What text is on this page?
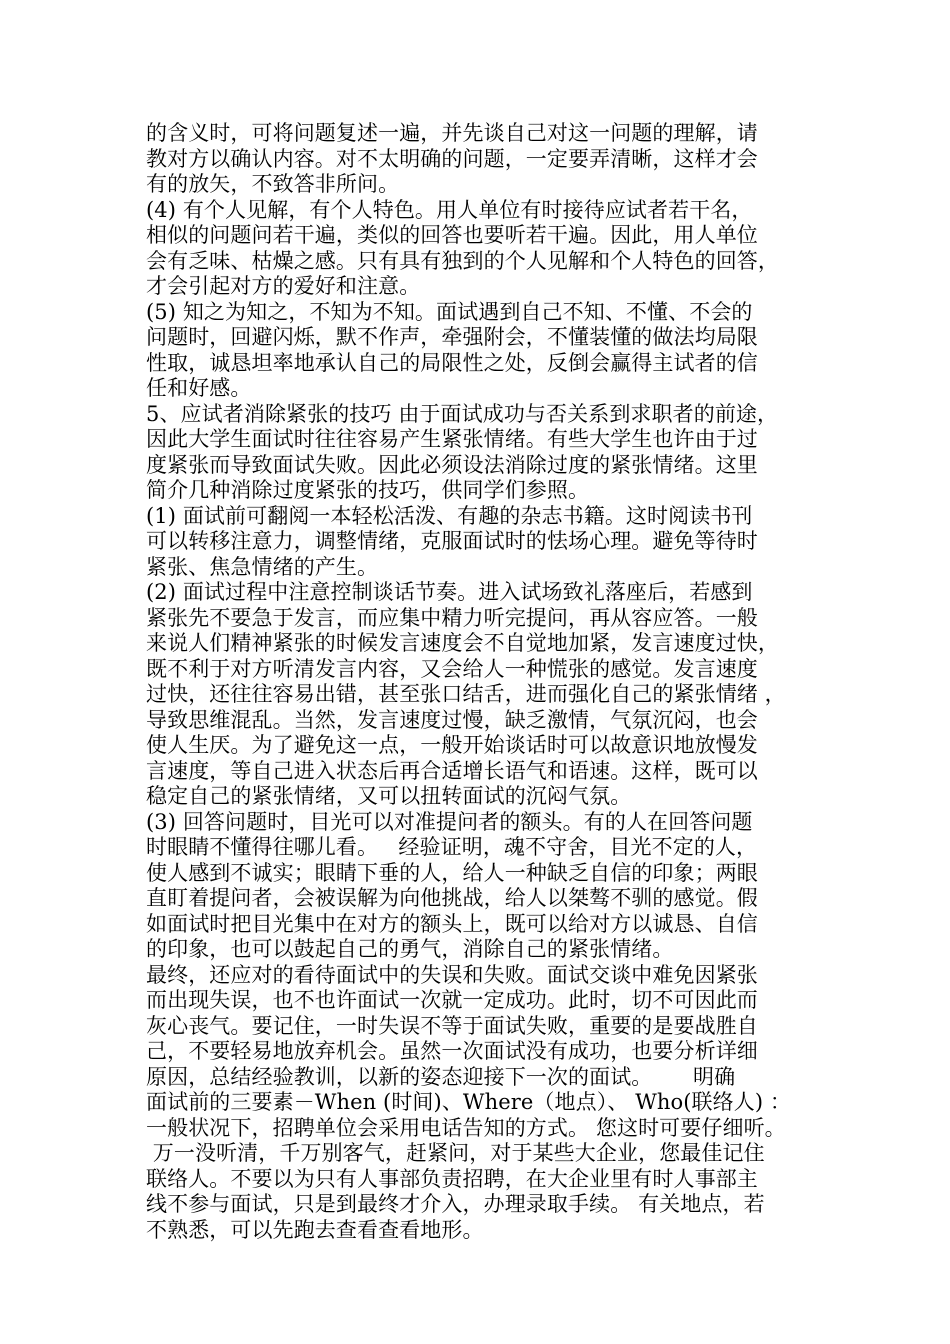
的含义时，可将问题复述一遍，并先谈自己对这一问题的理解，请
教对方以确认内容。对不太明确的问题，一定要弄清晰，这样才会
有的放矢，不致答非所问。
(4) 有个人见解，有个人特色。用人单位有时接待应试者若干名，
相似的问题问若干遍，类似的回答也要听若干遍。因此，用人单位
会有乏味、枯燥之感。只有具有独到的个人见解和个人特色的回答，
才会引起对方的爱好和注意。
(5) 知之为知之，不知为不知。面试遇到自己不知、不懂、不会的
问题时，回避闪烁，默不作声，牵强附会，不懂装懂的做法均局限
性取，诚恳坦率地承认自己的局限性之处，反倒会赢得主试者的信
任和好感。
5、应试者消除紧张的技巧 由于面试成功与否关系到求职者的前途，
因此大学生面试时往往容易产生紧张情绪。有些大学生也许由于过
度紧张而导致面试失败。因此必须设法消除过度的紧张情绪。这里
简介几种消除过度紧张的技巧，供同学们参照。
(1) 面试前可翻阅一本轻松活泼、有趣的杂志书籍。这时阅读书刊
可以转移注意力，调整情绪，克服面试时的怯场心理。避免等待时
紧张、焦急情绪的产生。
(2) 面试过程中注意控制谈话节奏。进入试场致礼落座后，若感到
紧张先不要急于发言，而应集中精力听完提问，再从容应答。一般
来说人们精神紧张的时候发言速度会不自觉地加紧，发言速度过快，
既不利于对方听清发言内容，又会给人一种慌张的感觉。发言速度
过快，还往往容易出错，甚至张口结舌，进而强化自己的紧张情绪 ，
导致思维混乱。当然，发言速度过慢，缺乏激情，气氛沉闷，也会
使人生厌。为了避免这一点，一般开始谈话时可以故意识地放慢发
言速度，等自己进入状态后再合适增长语气和语速。这样，既可以
稳定自己的紧张情绪，又可以扭转面试的沉闷气氛。
(3) 回答问题时，目光可以对准提问者的额头。有的人在回答问题
时眼睛不懂得往哪儿看。   经验证明，魂不守舍，目光不定的人，
使人感到不诚实；眼睛下垂的人，给人一种缺乏自信的印象；两眼
直盯着提问者，会被误解为向他挑战，给人以桀骜不驯的感觉。假
如面试时把目光集中在对方的额头上，既可以给对方以诚恳、自信
的印象，也可以鼓起自己的勇气，消除自己的紧张情绪。
最终，还应对的看待面试中的失误和失败。面试交谈中难免因紧张
而出现失误，也不也许面试一次就一定成功。此时，切不可因此而
灰心丧气。要记住，一时失误不等于面试失败，重要的是要战胜自
己，不要轻易地放弃机会。虽然一次面试没有成功，也要分析详细
原因，总结经验教训，以新的姿态迎接下一次的面试。      明确
面试前的三要素－When (时间)、Where（地点）、 Who(联络人) ：
一般状况下，招聘单位会采用电话告知的方式。 您这时可要仔细听。
万一没听清，千万别客气，赶紧问，对于某些大企业，您最佳记住
联络人。不要以为只有人事部负责招聘，在大企业里有时人事部主
线不参与面试，只是到最终才介入，办理录取手续。 有关地点，若
不熟悉，可以先跑去查看查看地形。
